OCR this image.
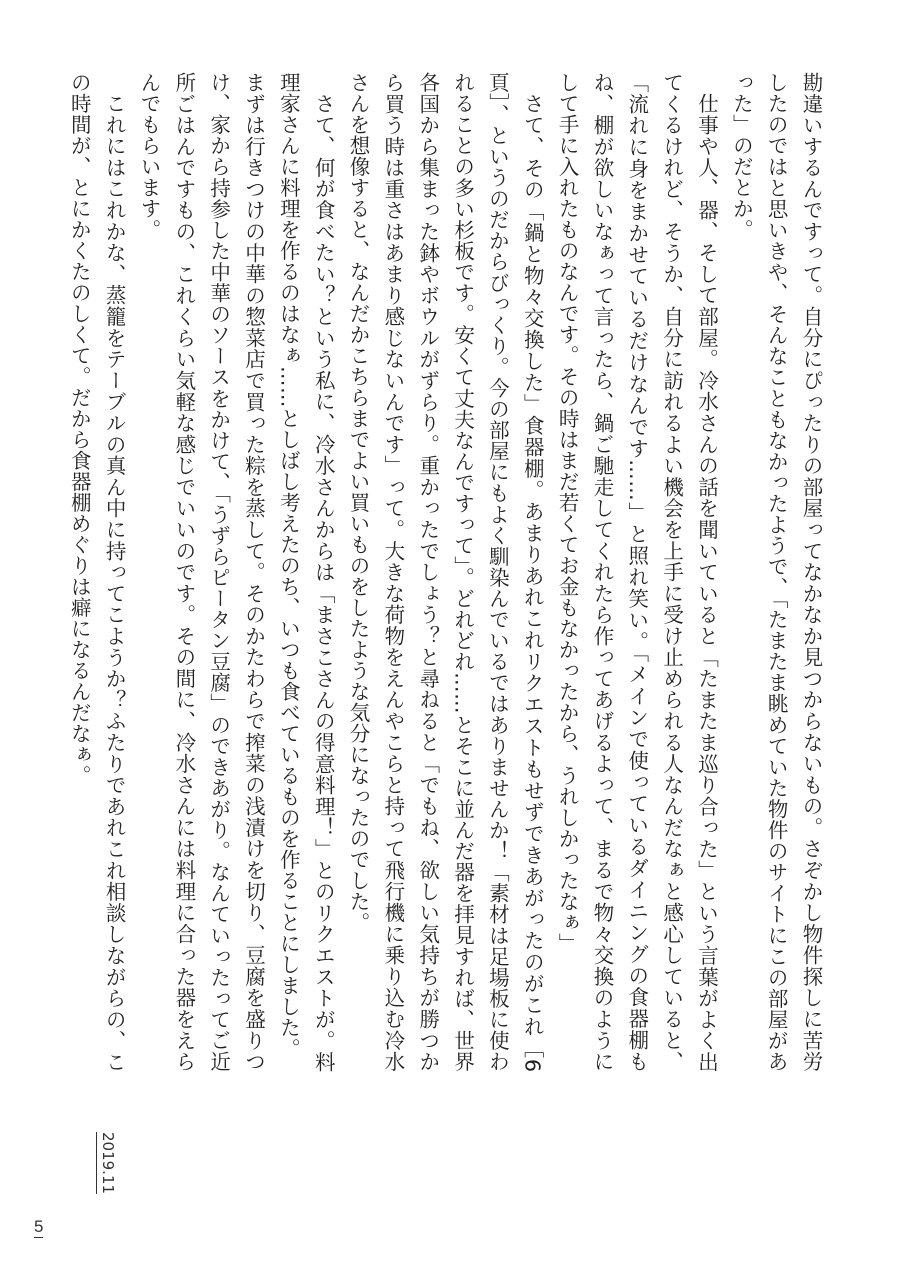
勘違いするんですって。自分にぴったりの部屋ってなかなか見つからないもの。さぞかし物件探しに苦労したのではと思いきや、そんなこともなかったようで、「たまたま眺めていた物件のサイトにこの部屋があった」のだとか。

仕事や人、器、そして部屋。冷水さんの話を聞いていると「たまたま巡り合った」という言葉がよく出てくるけれど、そうか、自分に訪れるよい機会を上手に受け止められる人なんだなぁと感心していると、「流れに身をまかせているだけなんです……」と照れ笑い。「メインで使っているダイニングの食器棚もね、棚が欲しいなぁって言ったら、鍋ご馳走してくれたら作ってあげるよって、まるで物々交換のようにして手に入れたものなんです。その時はまだ若くてお金もなかったから、うれしかったなぁ」

さて、その「鍋と物々交換した」食器棚。あまりあれこれリクエストもせずできあがったのがこれ［6頁］、というのだからびっくり。今の部屋にもよく馴染んでいるではありませんか！「素材は足場板に使われることの多い杉板です。安くて丈夫なんですって」。どれどれ……とそこに並んだ器を拝見すれば、世界各国から集まった鉢やボウルがずらり。重かったでしょう？と尋ねると「でもね、欲しい気持ちが勝つから買う時は重さはあまり感じないんです」って。大きな荷物をえんやこらと持って飛行機に乗り込む冷水さんを想像すると、なんだかこちらまでよい買いものをしたような気分になったのでした。

さて、何が食べたい？という私に、冷水さんからは「まさこさんの得意料理！」とのリクエストが。料理家さんに料理を作るのはなぁ……としばし考えたのち、いつも食べているものを作ることにしました。

まずは行きつけの中華の惣菜店で買った粽を蒸して。そのかたわらで搾菜の浅漬けを切り、豆腐を盛りつけ、家から持参した中華のソースをかけて、「うずらピータン豆腐」のできあがり。なんていったってご近所ごはんですもの、これくらい気軽な感じでいいのです。その間に、冷水さんには料理に合った器をえらんでもらいます。

これにはこれかな、蒸籠をテーブルの真ん中に持ってこようか？ふたりであれこれ相談しながらの、この時間が、とにかくたのしくて。だから食器棚めぐりは癖になるんだなぁ。

2019.11
5
